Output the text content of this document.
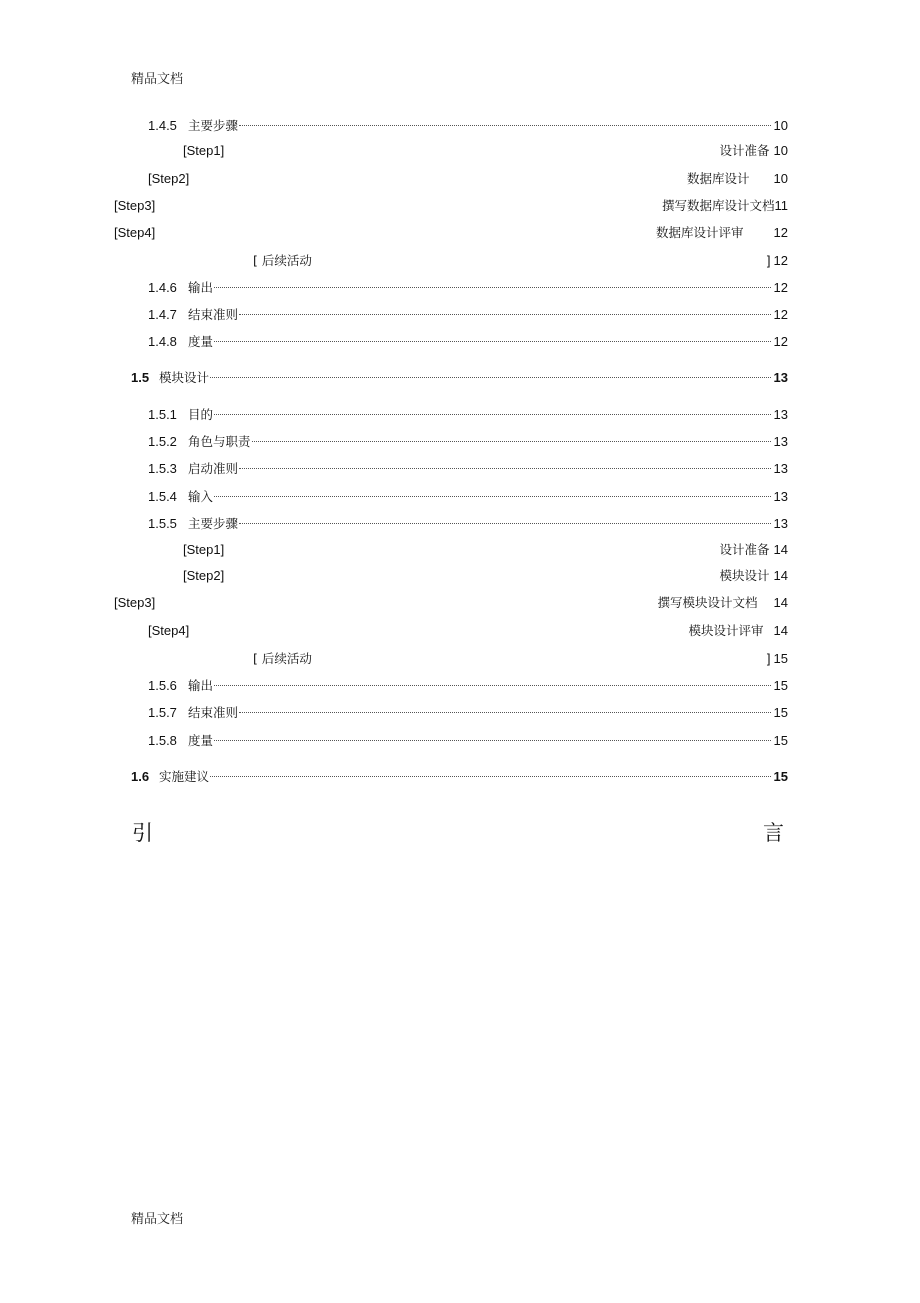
精品文档
1.4.5 主要步骤	10
[Step1]	设计准备 10
[Step2]	数据库设计 10
[Step3]	撰写数据库设计文档11
[Step4]	数据库设计评审 12
[ 后续活动	] 12
1.4.6 输出	12
1.4.7 结束准则	12
1.4.8 度量	12
1.5 模块设计	13
1.5.1 目的	13
1.5.2 角色与职责	13
1.5.3 启动准则	13
1.5.4 输入	13
1.5.5 主要步骤	13
[Step1]	设计准备 14
[Step2]	模块设计 14
[Step3]	撰写模块设计文档 14
[Step4]	模块设计评审 14
[ 后续活动	] 15
1.5.6 输出	15
1.5.7 结束准则	15
1.5.8 度量	15
1.6 实施建议	15
引	言
精品文档
